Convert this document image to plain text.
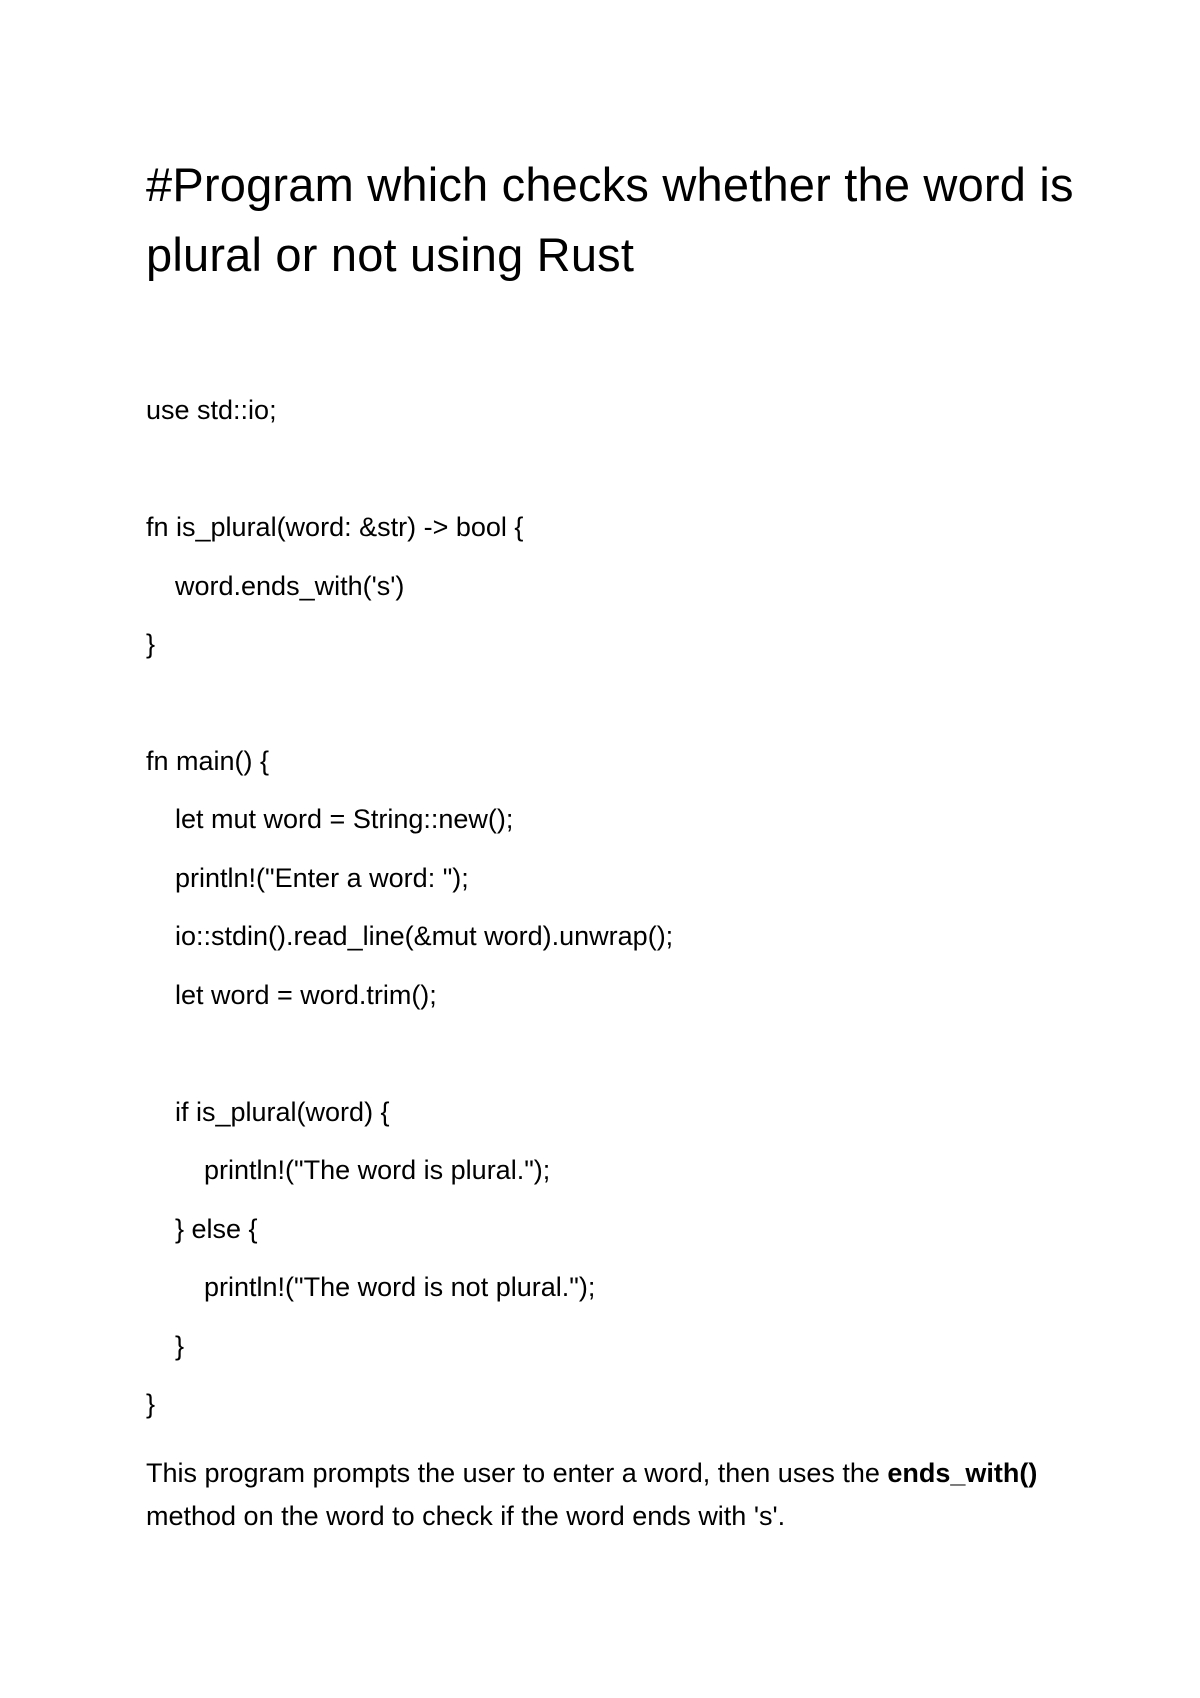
#Program which checks whether the word is plural or not using Rust
use std::io;
fn is_plural(word: &str) -> bool {
word.ends_with('s')
}
fn main() {
let mut word = String::new();
println!("Enter a word: ");
io::stdin().read_line(&mut word).unwrap();
let word = word.trim();
if is_plural(word) {
println!("The word is plural.");
} else {
println!("The word is not plural.");
}
}

This program prompts the user to enter a word, then uses the ends_with() method on the word to check if the word ends with 's'.
